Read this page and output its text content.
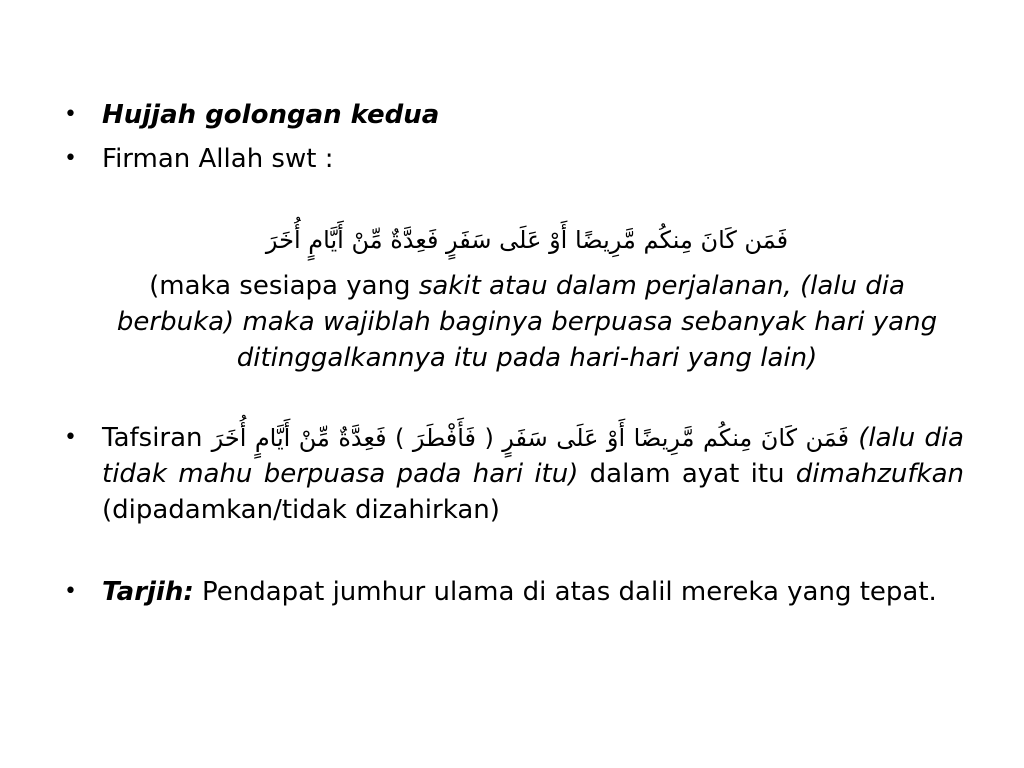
• Hujjah golongan kedua
• Firman Allah swt :
فَمَن كَانَ مِنكُم مَّرِيضًا أَوْ عَلَى سَفَرٍ فَعِدَّةٌ مِّنْ أَيَّامٍ أُخَرَ
(maka sesiapa yang sakit atau dalam perjalanan, (lalu dia berbuka) maka wajiblah baginya berpuasa sebanyak hari yang ditinggalkannya itu pada hari-hari yang lain)
• Tafsiran فَمَن كَانَ مِنكُم مَّرِيضًا أَوْ عَلَى سَفَرٍ ( فَأَفْطَرَ ) فَعِدَّةٌ مِّنْ أَيَّامٍ أُخَرَ (lalu dia tidak mahu berpuasa pada hari itu) dalam ayat itu dimahzufkan (dipadamkan/tidak dizahirkan)
• Tarjih: Pendapat jumhur ulama di atas dalil mereka yang tepat.
